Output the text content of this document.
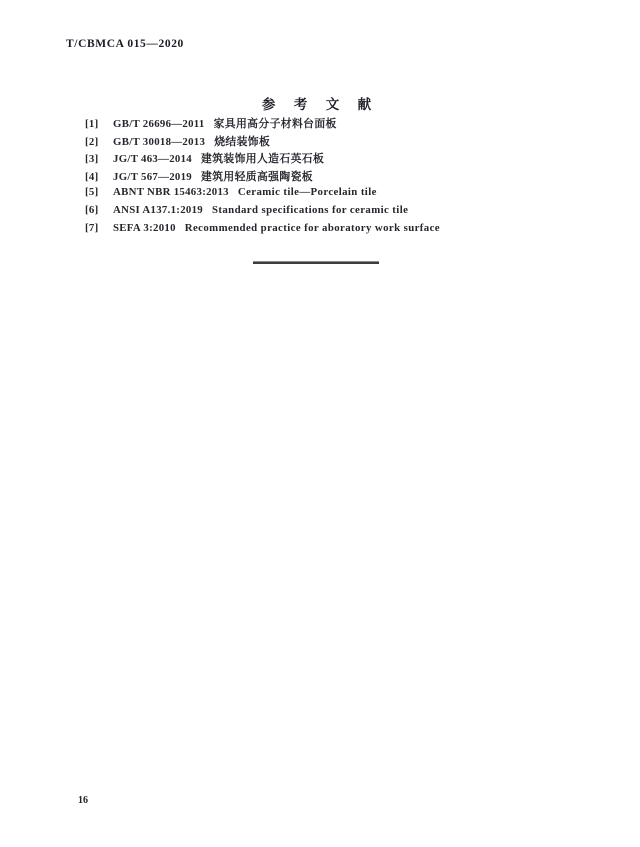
T/CBMCA 015—2020
参  考  文  献
[1]	GB/T 26696—2011 家具用高分子材料台面板
[2]	GB/T 30018—2013 烧结装饰板
[3]	JG/T 463—2014 建筑装饰用人造石英石板
[4]	JG/T 567—2019 建筑用轻质高强陶瓷板
[5]	ABNT NBR 15463:2013 Ceramic tile—Porcelain tile
[6]	ANSI A137.1:2019 Standard specifications for ceramic tile
[7]	SEFA 3:2010 Recommended practice for aboratory work surface
16
